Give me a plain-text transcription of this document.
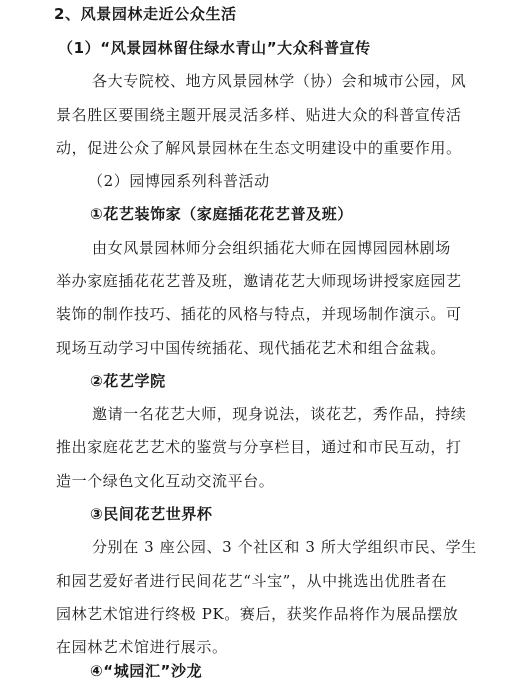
2、风景园林走近公众生活
（1）“风景园林留住绿水青山”大众科普宣传
各大专院校、地方风景园林学（协）会和城市公园，风
景名胜区要围绕主题开展灵活多样、贴进大众的科普宣传活
动，促进公众了解风景园林在生态文明建设中的重要作用。
（2）园博园系列科普活动
①花艺装饰家（家庭插花花艺普及班）
由女风景园林师分会组织插花大师在园博园园林剧场
举办家庭插花花艺普及班，邀请花艺大师现场讲授家庭园艺
装饰的制作技巧、插花的风格与特点，并现场制作演示。可
现场互动学习中国传统插花、现代插花艺术和组合盆栽。
②花艺学院
邀请一名花艺大师，现身说法，谈花艺，秀作品，持续
推出家庭花艺艺术的鉴赏与分享栏目，通过和市民互动，打
造一个绿色文化互动交流平台。
③民间花艺世界杯
分别在 3 座公园、3 个社区和 3 所大学组织市民、学生
和园艺爱好者进行民间花艺“斗宝”，从中挑选出优胜者在
园林艺术馆进行终极 PK。赛后，获奖作品将作为展品摆放
在园林艺术馆进行展示。
④“城园汇”沙龙
